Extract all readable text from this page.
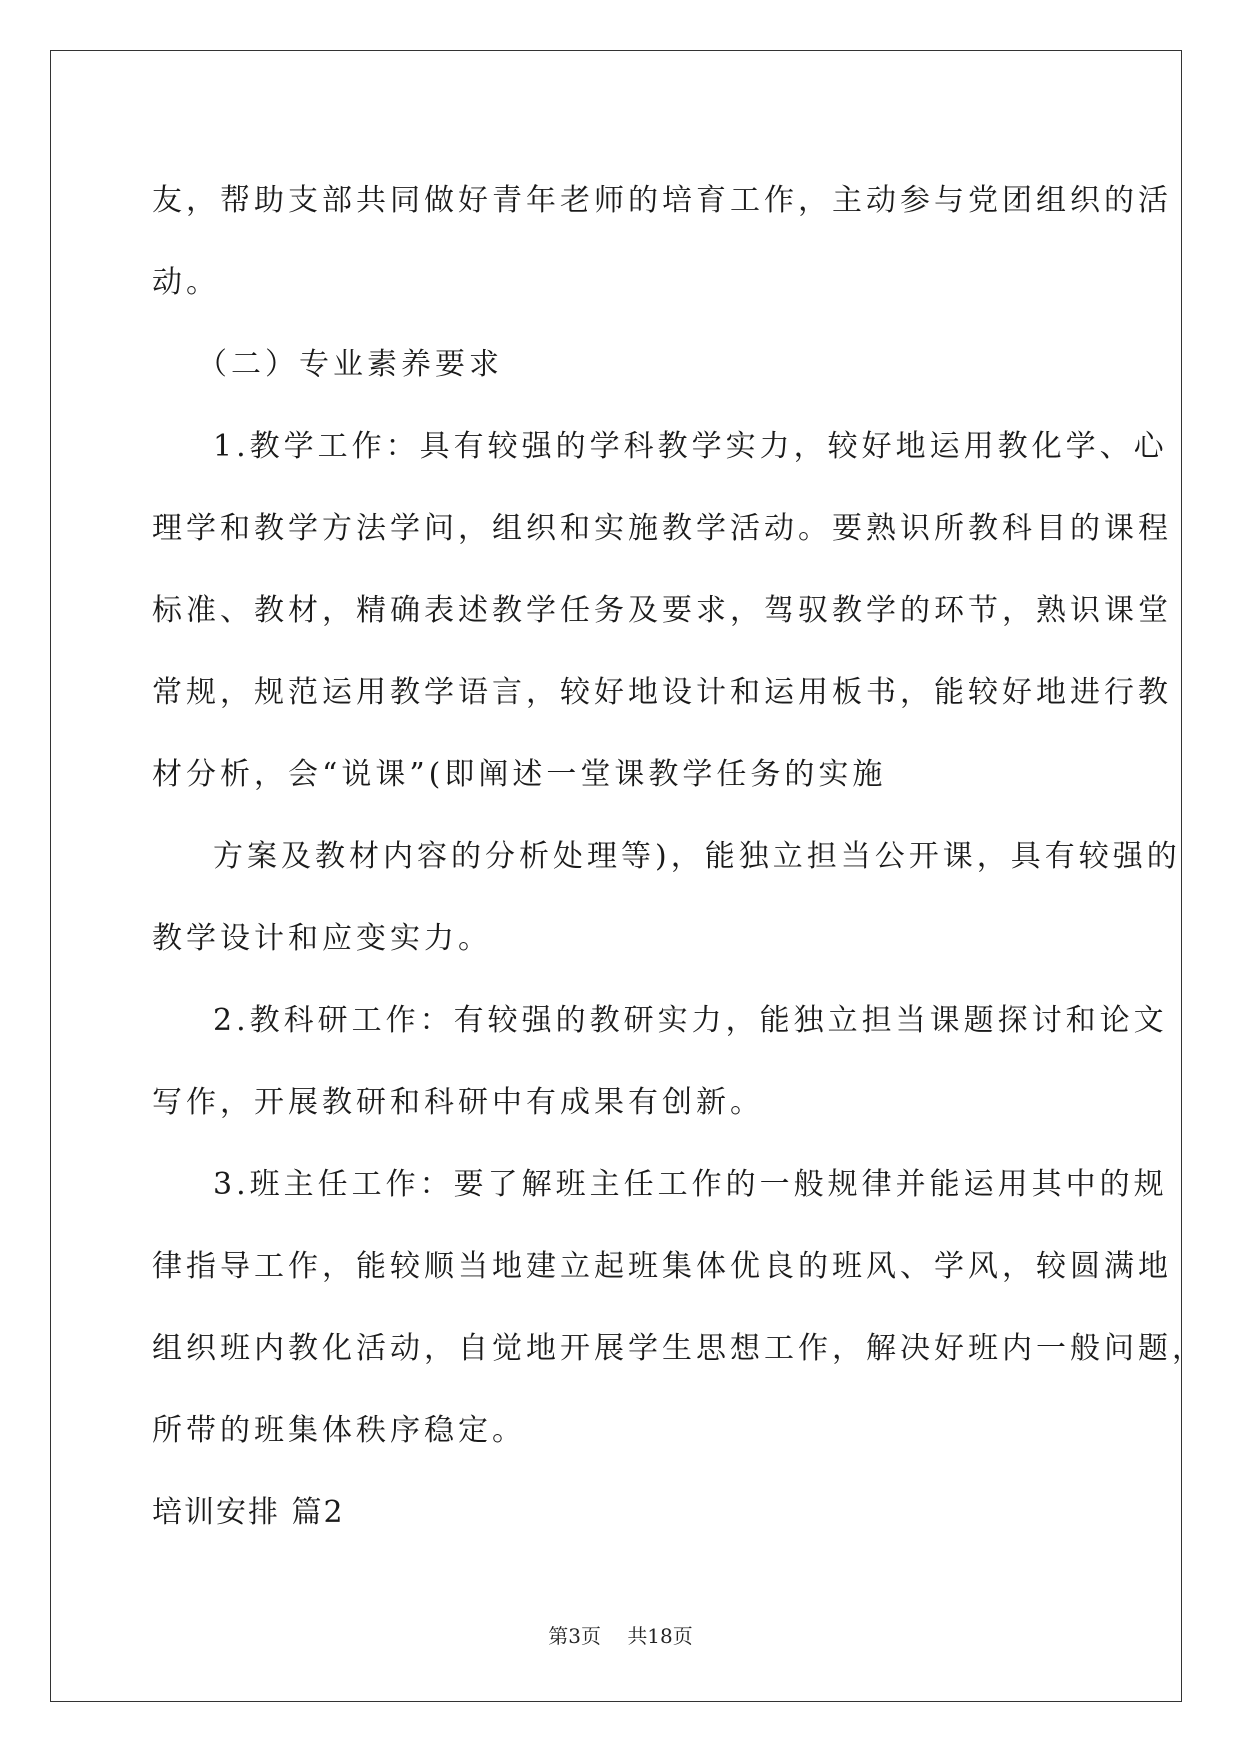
友，帮助支部共同做好青年老师的培育工作，主动参与党团组织的活
动。
（二）专业素养要求
1.教学工作：具有较强的学科教学实力，较好地运用教化学、心
理学和教学方法学问，组织和实施教学活动。要熟识所教科目的课程
标准、教材，精确表述教学任务及要求，驾驭教学的环节，熟识课堂
常规，规范运用教学语言，较好地设计和运用板书，能较好地进行教
材分析，会“说课”(即阐述一堂课教学任务的实施
方案及教材内容的分析处理等)，能独立担当公开课，具有较强的
教学设计和应变实力。
2.教科研工作：有较强的教研实力，能独立担当课题探讨和论文
写作，开展教研和科研中有成果有创新。
3.班主任工作：要了解班主任工作的一般规律并能运用其中的规
律指导工作，能较顺当地建立起班集体优良的班风、学风，较圆满地
组织班内教化活动，自觉地开展学生思想工作，解决好班内一般问题，
所带的班集体秩序稳定。
培训安排 篇2
第3页 共18页
